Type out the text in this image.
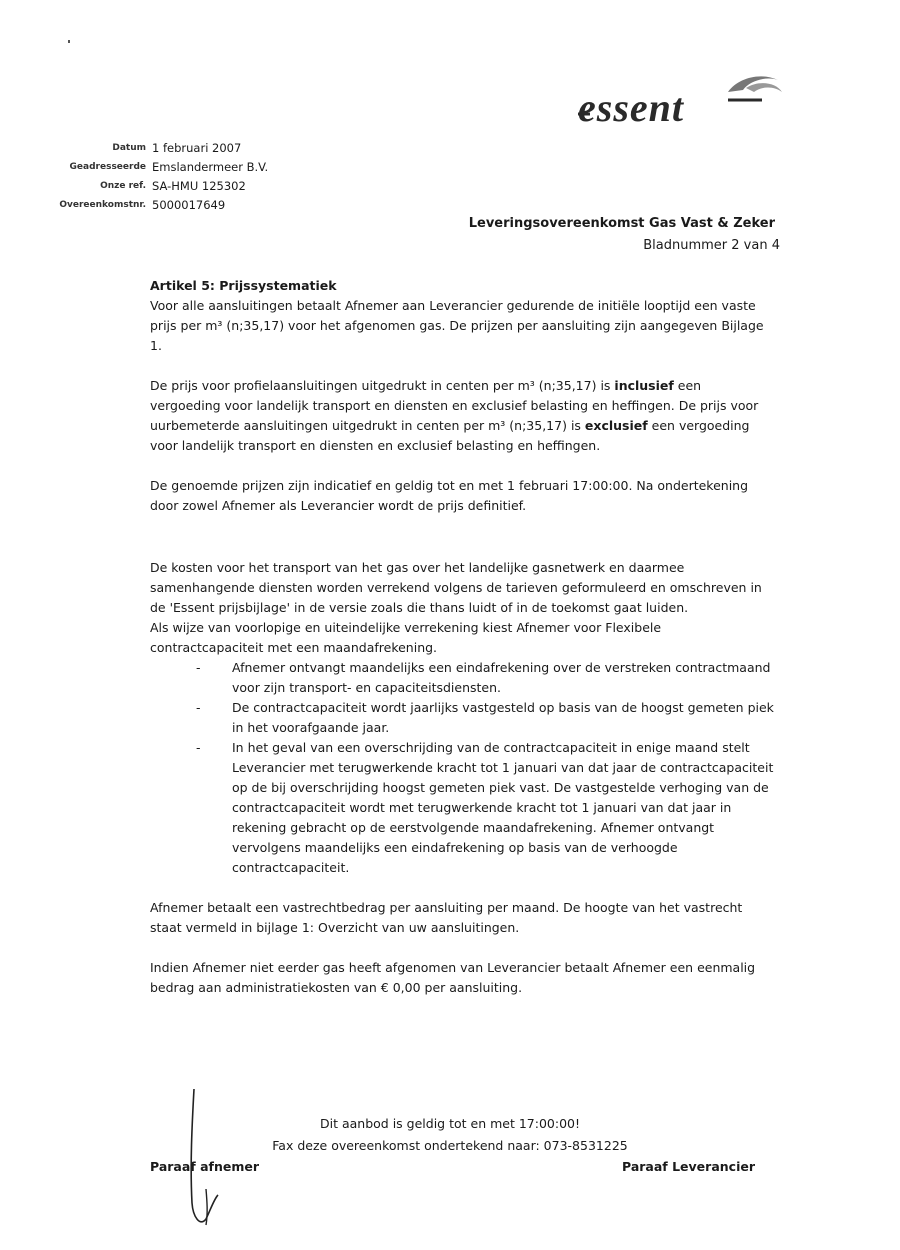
essent
Datum 1 februari 2007
Geadresseerde Emslandermeer B.V.
Onze ref. SA-HMU 125302
Overeenkomstnr. 5000017649
Leveringsovereenkomst Gas Vast & Zeker
Bladnummer 2 van 4

Artikel 5: Prijssystematiek

Voor alle aansluitingen betaalt Afnemer aan Leverancier gedurende de initiële looptijd een vaste prijs per m³ (n;35,17) voor het afgenomen gas. De prijzen per aansluiting zijn aangegeven Bijlage 1.

De prijs voor profielaansluitingen uitgedrukt in centen per m³ (n;35,17) is inclusief een vergoeding voor landelijk transport en diensten en exclusief belasting en heffingen. De prijs voor uurbemeterde aansluitingen uitgedrukt in centen per m³ (n;35,17) is exclusief een vergoeding voor landelijk transport en diensten en exclusief belasting en heffingen.

De genoemde prijzen zijn indicatief en geldig tot en met 1 februari 17:00:00. Na ondertekening door zowel Afnemer als Leverancier wordt de prijs definitief.

De kosten voor het transport van het gas over het landelijke gasnetwerk en daarmee samenhangende diensten worden verrekend volgens de tarieven geformuleerd en omschreven in de 'Essent prijsbijlage' in de versie zoals die thans luidt of in de toekomst gaat luiden.

Als wijze van voorlopige en uiteindelijke verrekening kiest Afnemer voor Flexibele contractcapaciteit met een maandafrekening.

-	Afnemer ontvangt maandelijks een eindafrekening over de verstreken contractmaand voor zijn transport- en capaciteitsdiensten.
-	De contractcapaciteit wordt jaarlijks vastgesteld op basis van de hoogst gemeten piek in het voorafgaande jaar.
-	In het geval van een overschrijding van de contractcapaciteit in enige maand stelt Leverancier met terugwerkende kracht tot 1 januari van dat jaar de contractcapaciteit op de bij overschrijding hoogst gemeten piek vast. De vastgestelde verhoging van de contractcapaciteit wordt met terugwerkende kracht tot 1 januari van dat jaar in rekening gebracht op de eerstvolgende maandafrekening. Afnemer ontvangt vervolgens maandelijks een eindafrekening op basis van de verhoogde contractcapaciteit.

Afnemer betaalt een vastrechtbedrag per aansluiting per maand. De hoogte van het vastrecht staat vermeld in bijlage 1: Overzicht van uw aansluitingen.

Indien Afnemer niet eerder gas heeft afgenomen van Leverancier betaalt Afnemer een eenmalig bedrag aan administratiekosten van € 0,00 per aansluiting.

Dit aanbod is geldig tot en met 17:00:00!
Fax deze overeenkomst ondertekend naar: 073-8531225
Paraaf afnemer	Paraaf Leverancier
